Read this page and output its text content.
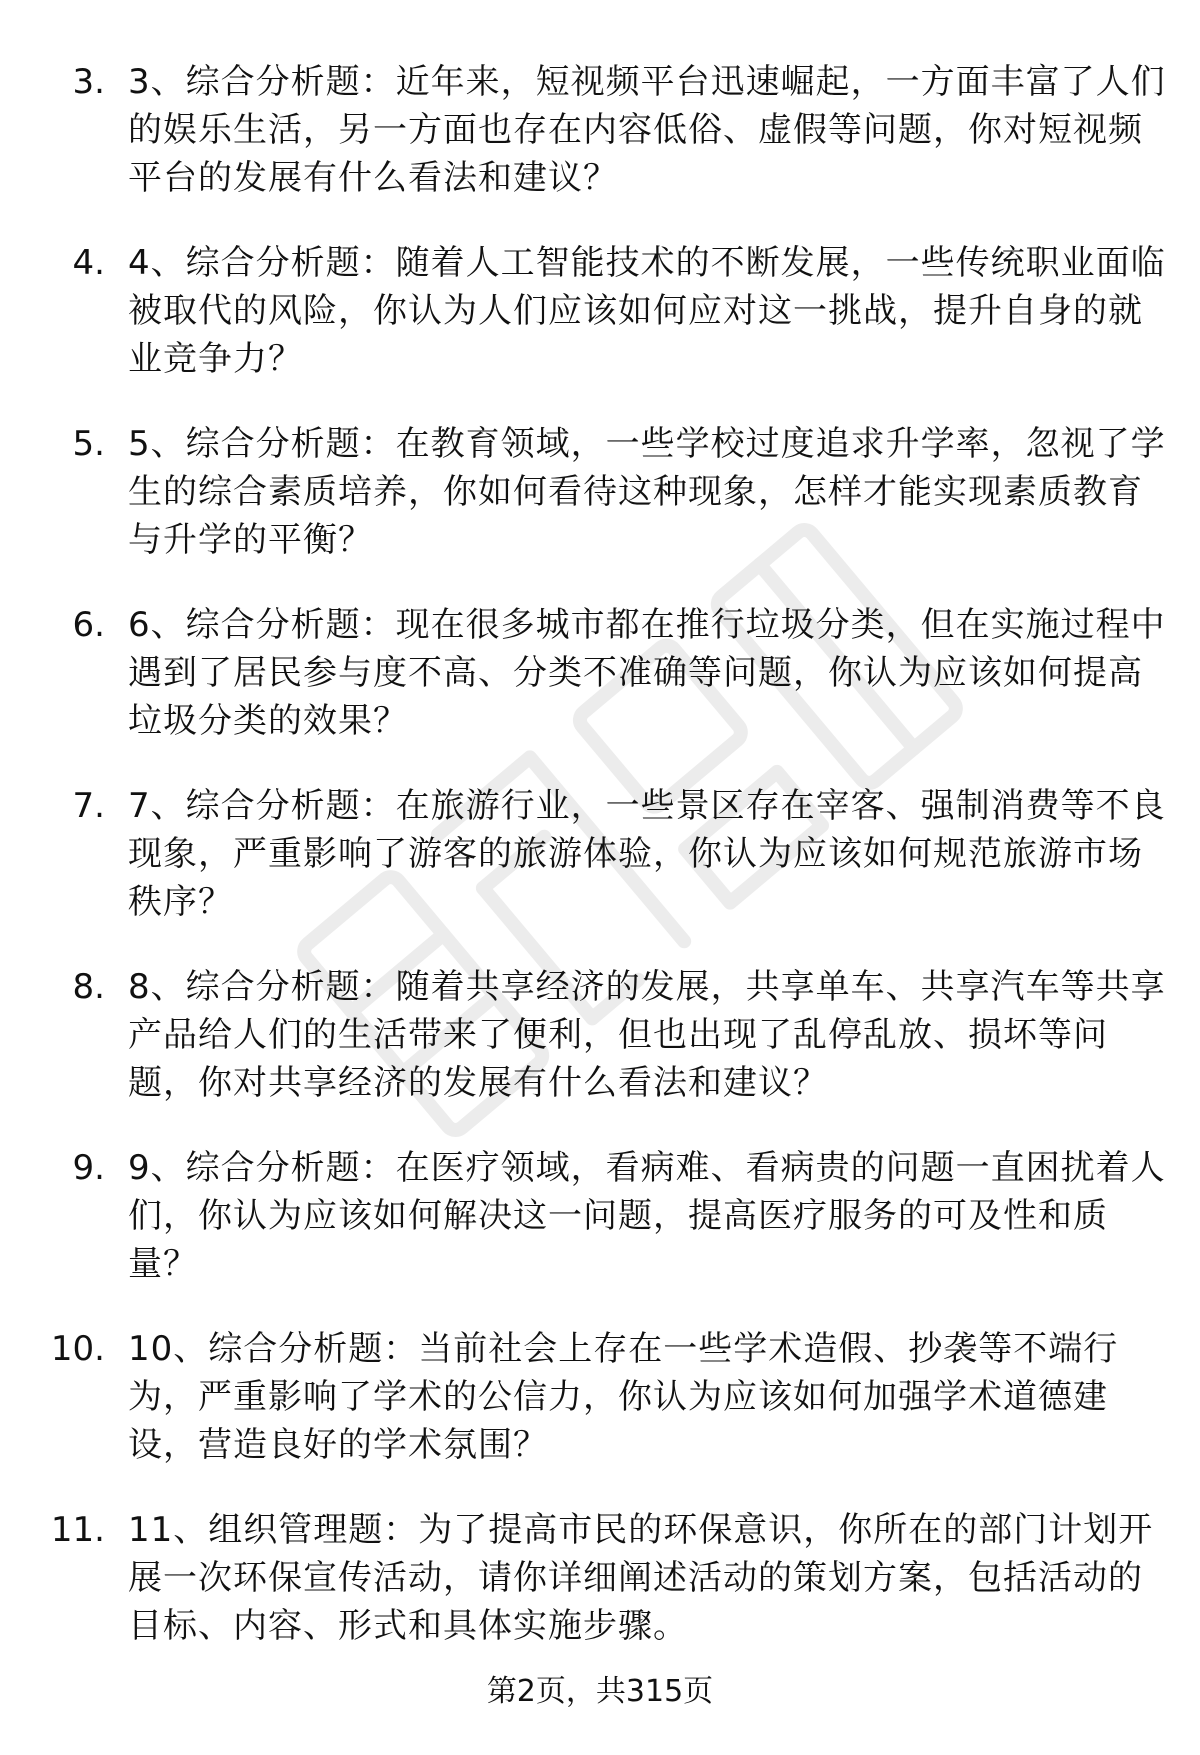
3. 3、综合分析题：近年来，短视频平台迅速崛起，一方面丰富了人们的娱乐生活，另一方面也存在内容低俗、虚假等问题，你对短视频平台的发展有什么看法和建议？
4. 4、综合分析题：随着人工智能技术的不断发展，一些传统职业面临被取代的风险，你认为人们应该如何应对这一挑战，提升自身的就业竞争力？
5. 5、综合分析题：在教育领域，一些学校过度追求升学率，忽视了学生的综合素质培养，你如何看待这种现象，怎样才能实现素质教育与升学的平衡？
6. 6、综合分析题：现在很多城市都在推行垃圾分类，但在实施过程中遇到了居民参与度不高、分类不准确等问题，你认为应该如何提高垃圾分类的效果？
7. 7、综合分析题：在旅游行业，一些景区存在宰客、强制消费等不良现象，严重影响了游客的旅游体验，你认为应该如何规范旅游市场秩序？
8. 8、综合分析题：随着共享经济的发展，共享单车、共享汽车等共享产品给人们的生活带来了便利，但也出现了乱停乱放、损坏等问题，你对共享经济的发展有什么看法和建议？
9. 9、综合分析题：在医疗领域，看病难、看病贵的问题一直困扰着人们，你认为应该如何解决这一问题，提高医疗服务的可及性和质量？
10. 10、综合分析题：当前社会上存在一些学术造假、抄袭等不端行为，严重影响了学术的公信力，你认为应该如何加强学术道德建设，营造良好的学术氛围？
11. 11、组织管理题：为了提高市民的环保意识，你所在的部门计划开展一次环保宣传活动，请你详细阐述活动的策划方案，包括活动的目标、内容、形式和具体实施步骤。
第2页，共315页
